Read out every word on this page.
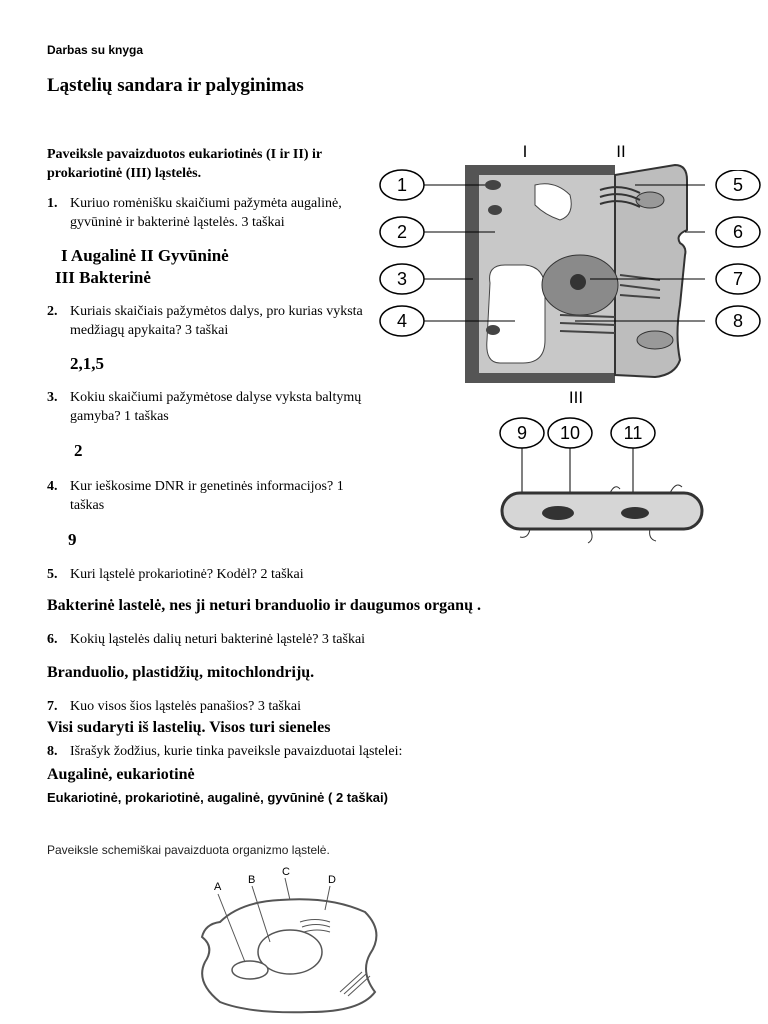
Darbas su knyga
Ląstelių sandara ir palyginimas
Paveiksle pavaizduotos eukariotinės (I ir II) ir prokariotinė (III) ląstelės.
1. Kuriuo romėnišku skaičiumi pažymėta augalinė, gyvūninė ir bakterinė ląstelės. 3 taškai
I Augalinė II Gyvūninė
III Bakterinė
2. Kuriais skaičiais pažymėtos dalys, pro kurias vyksta medžiagų apykaita? 3 taškai
2,1,5
3. Kokiu skaičiumi pažymėtose dalyse vyksta baltymų gamyba? 1 taškas
2
4. Kur ieškosime DNR ir genetinės informacijos? 1 taškas
9
5. Kuri ląstelė prokariotinė? Kodėl? 2 taškai
Bakterinė lastelė, nes ji neturi branduolio ir daugumos organų .
6. Kokių ląstelės dalių neturi bakterinė ląstelė? 3 taškai
Branduolio, plastidžių, mitochlondrijų.
7. Kuo visos šios ląstelės panašios? 3 taškai
Visi sudaryti iš lastelių. Visos turi sieneles
8. Išrašyk žodžius, kurie tinka paveiksle pavaizduotai ląstelei:
Augalinė, eukariotinė
Eukariotinė, prokariotinė, augalinė, gyvūninė ( 2 taškai)
I	II
1
2
3
4
5
6
7
8
III
9 10 11
Paveiksle schemiškai pavaizduota organizmo ląstelė.
A
B
C
D
